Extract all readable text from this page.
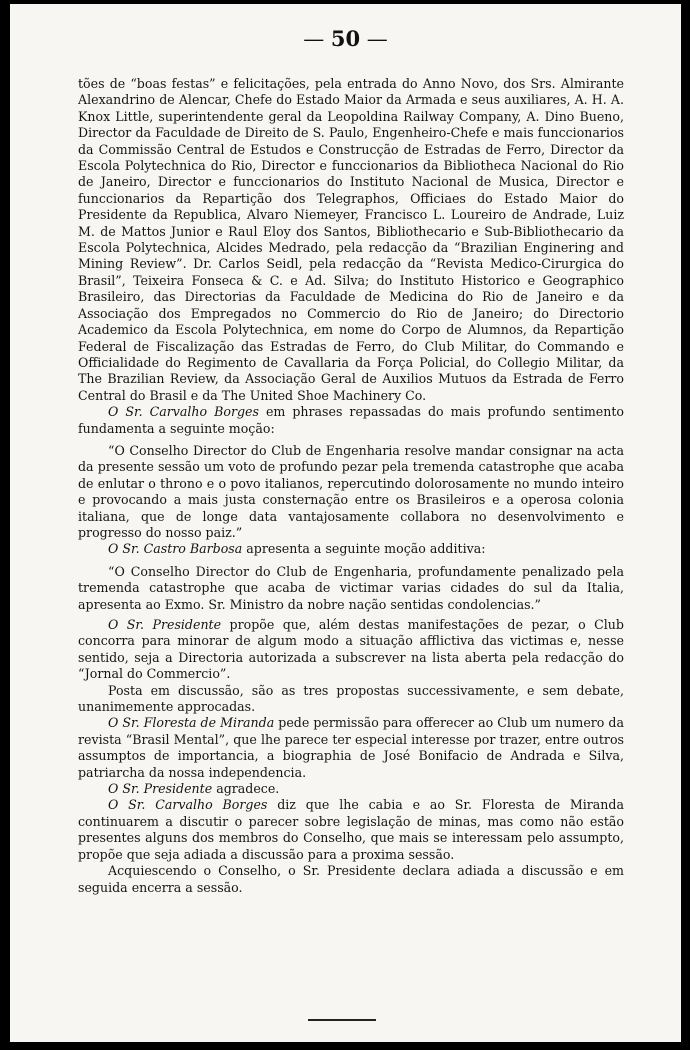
— 50 —

tões de “boas festas” e felicitações, pela entrada do Anno Novo, dos Srs. Almirante Alexandrino de Alencar, Chefe do Estado Maior da Armada e seus auxiliares, A. H. A. Knox Little, superintendente geral da Leopoldina Railway Company, A. Dino Bueno, Director da Faculdade de Direito de S. Paulo, Engenheiro-Chefe e mais funccionarios da Commissão Central de Estudos e Construcção de Estradas de Ferro, Director da Escola Polytechnica do Rio, Director e funccionarios da Bibliotheca Nacional do Rio de Janeiro, Director e funccionarios do Instituto Nacional de Musica, Director e funccionarios da Repartição dos Telegraphos, Officiaes do Estado Maior do Presidente da Republica, Alvaro Niemeyer, Francisco L. Loureiro de Andrade, Luiz M. de Mattos Junior e Raul Eloy dos Santos, Bibliothecario e Sub-Bibliothecario da Escola Polytechnica, Alcides Medrado, pela redacção da “Brazilian Enginering and Mining Review”. Dr. Carlos Seidl, pela redacção da “Revista Medico-Cirurgica do Brasil”, Teixeira Fonseca & C. e Ad. Silva; do Instituto Historico e Geographico Brasileiro, das Directorias da Faculdade de Medicina do Rio de Janeiro e da Associação dos Empregados no Commercio do Rio de Janeiro; do Directorio Academico da Escola Polytechnica, em nome do Corpo de Alumnos, da Repartição Federal de Fiscalização das Estradas de Ferro, do Club Militar, do Commando e Officialidade do Regimento de Cavallaria da Força Policial, do Collegio Militar, da The Brazilian Review, da Associação Geral de Auxilios Mutuos da Estrada de Ferro Central do Brasil e da The United Shoe Machinery Co.

O Sr. Carvalho Borges em phrases repassadas do mais profundo sentimento fundamenta a seguinte moção:

“O Conselho Director do Club de Engenharia resolve mandar consignar na acta da presente sessão um voto de profundo pezar pela tremenda catastrophe que acaba de enlutar o throno e o povo italianos, repercutindo dolorosamente no mundo inteiro e provocando a mais justa consternação entre os Brasileiros e a operosa colonia italiana, que de longe data vantajosamente collabora no desenvolvimento e progresso do nosso paiz.”

O Sr. Castro Barbosa apresenta a seguinte moção additiva:

“O Conselho Director do Club de Engenharia, profundamente penalizado pela tremenda catastrophe que acaba de victimar varias cidades do sul da Italia, apresenta ao Exmo. Sr. Ministro da nobre nação sentidas condolencias.”

O Sr. Presidente propõe que, além destas manifestações de pezar, o Club concorra para minorar de algum modo a situação afflictiva das victimas e, nesse sentido, seja a Directoria autorizada a subscrever na lista aberta pela redacção do “Jornal do Commercio”.

Posta em discussão, são as tres propostas successivamente, e sem debate, unanimemente approcadas.

O Sr. Floresta de Miranda pede permissão para offerecer ao Club um numero da revista “Brasil Mental”, que lhe parece ter especial interesse por trazer, entre outros assumptos de importancia, a biographia de José Bonifacio de Andrada e Silva, patriarcha da nossa independencia.

O Sr. Presidente agradece.

O Sr. Carvalho Borges diz que lhe cabia e ao Sr. Floresta de Miranda continuarem a discutir o parecer sobre legislação de minas, mas como não estão presentes alguns dos membros do Conselho, que mais se interessam pelo assumpto, propõe que seja adiada a discussão para a proxima sessão.

Acquiescendo o Conselho, o Sr. Presidente declara adiada a discussão e em seguida encerra a sessão.
